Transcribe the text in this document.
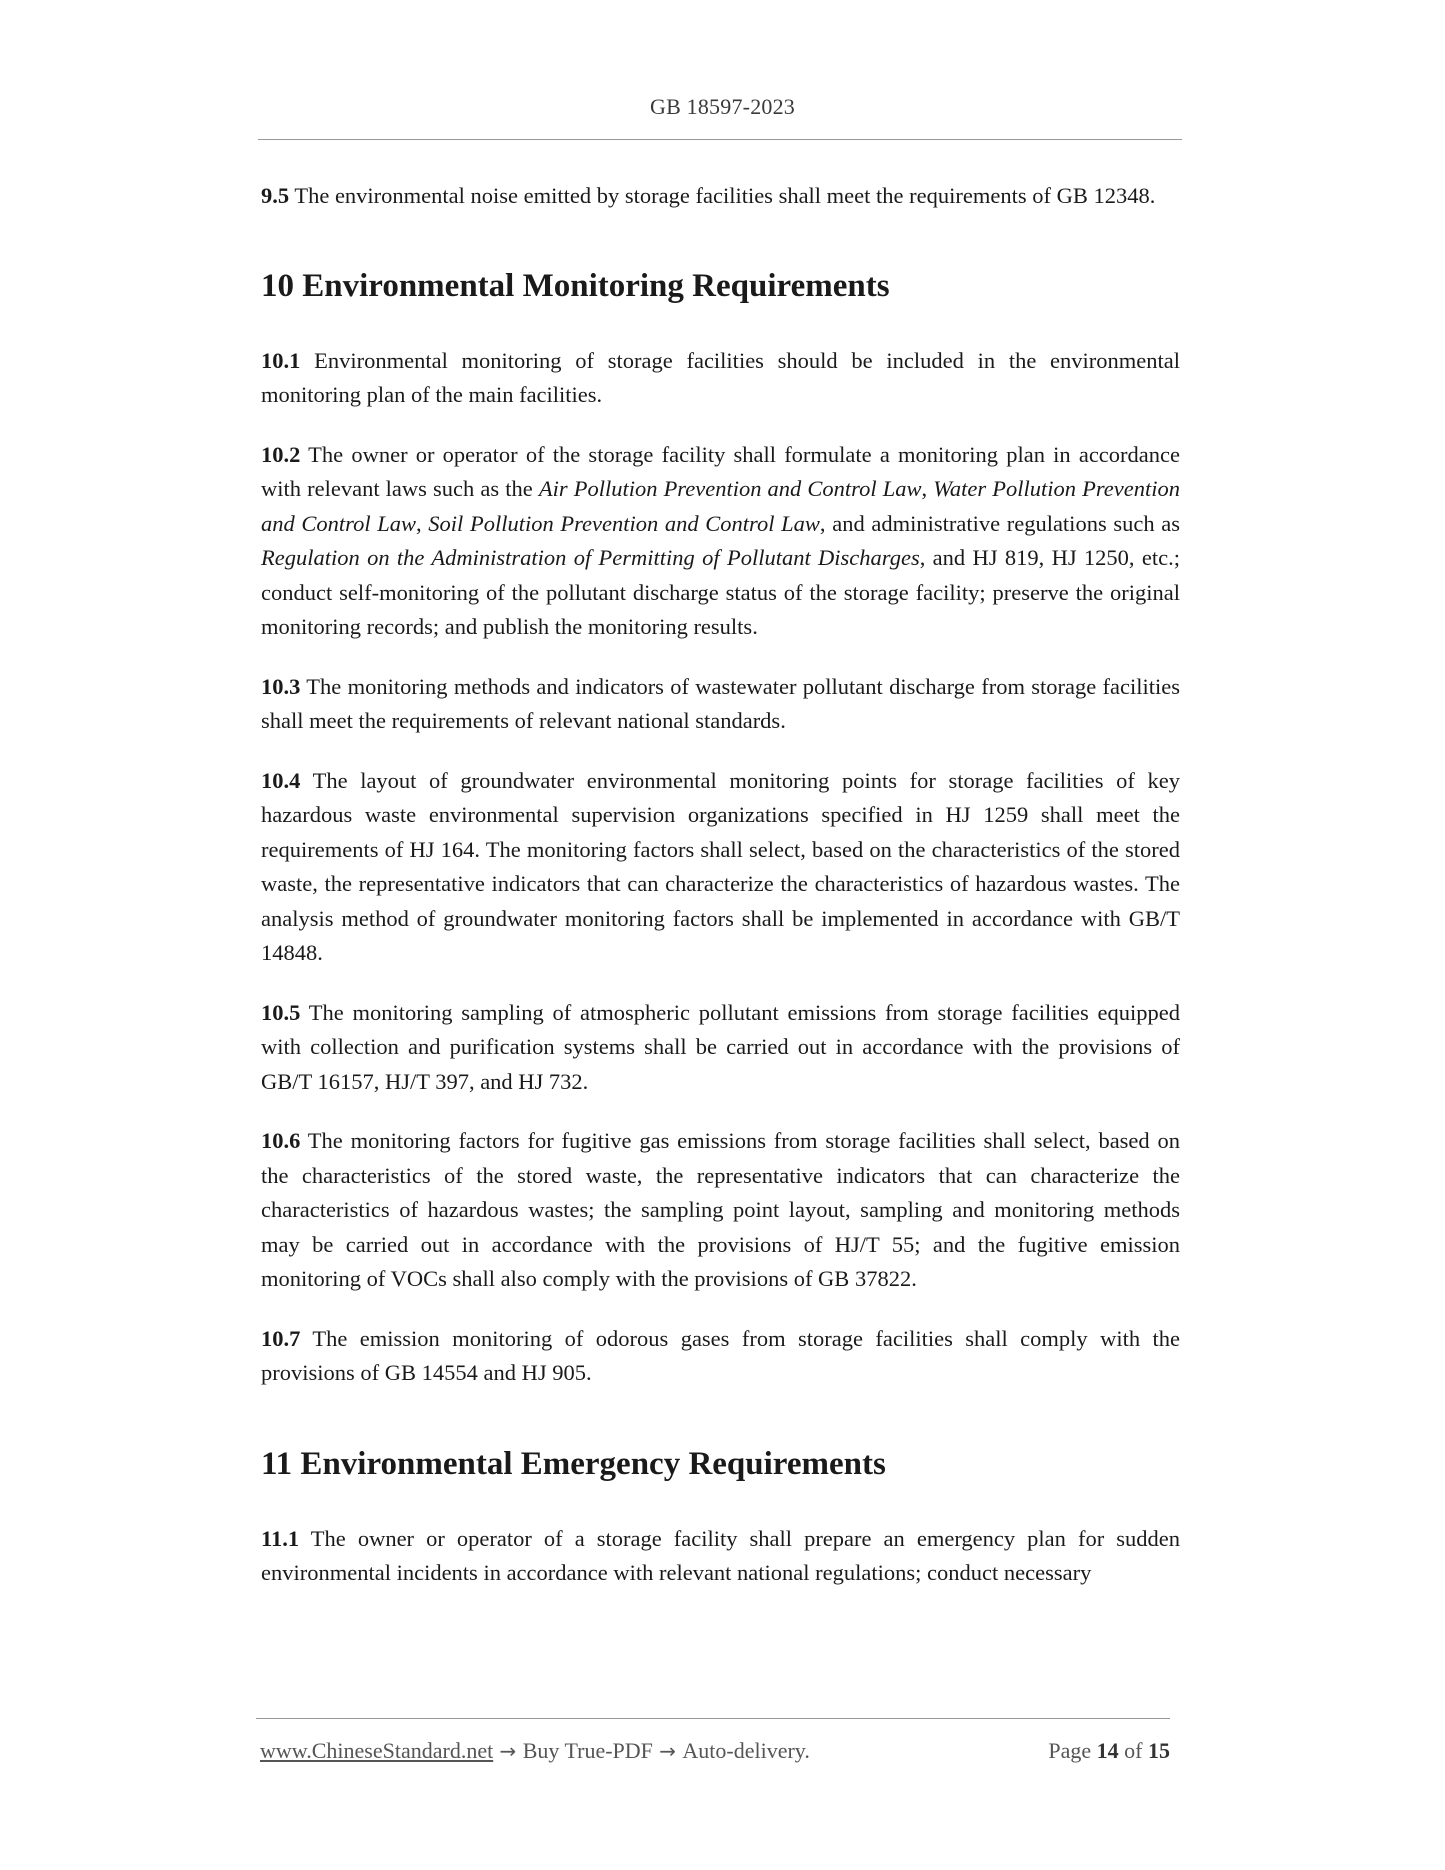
GB 18597-2023

9.5 The environmental noise emitted by storage facilities shall meet the requirements of GB 12348.

10 Environmental Monitoring Requirements

10.1 Environmental monitoring of storage facilities should be included in the environmental monitoring plan of the main facilities.

10.2 The owner or operator of the storage facility shall formulate a monitoring plan in accordance with relevant laws such as the Air Pollution Prevention and Control Law, Water Pollution Prevention and Control Law, Soil Pollution Prevention and Control Law, and administrative regulations such as Regulation on the Administration of Permitting of Pollutant Discharges, and HJ 819, HJ 1250, etc.; conduct self-monitoring of the pollutant discharge status of the storage facility; preserve the original monitoring records; and publish the monitoring results.

10.3 The monitoring methods and indicators of wastewater pollutant discharge from storage facilities shall meet the requirements of relevant national standards.

10.4 The layout of groundwater environmental monitoring points for storage facilities of key hazardous waste environmental supervision organizations specified in HJ 1259 shall meet the requirements of HJ 164. The monitoring factors shall select, based on the characteristics of the stored waste, the representative indicators that can characterize the characteristics of hazardous wastes. The analysis method of groundwater monitoring factors shall be implemented in accordance with GB/T 14848.

10.5 The monitoring sampling of atmospheric pollutant emissions from storage facilities equipped with collection and purification systems shall be carried out in accordance with the provisions of GB/T 16157, HJ/T 397, and HJ 732.

10.6 The monitoring factors for fugitive gas emissions from storage facilities shall select, based on the characteristics of the stored waste, the representative indicators that can characterize the characteristics of hazardous wastes; the sampling point layout, sampling and monitoring methods may be carried out in accordance with the provisions of HJ/T 55; and the fugitive emission monitoring of VOCs shall also comply with the provisions of GB 37822.

10.7 The emission monitoring of odorous gases from storage facilities shall comply with the provisions of GB 14554 and HJ 905.

11 Environmental Emergency Requirements

11.1 The owner or operator of a storage facility shall prepare an emergency plan for sudden environmental incidents in accordance with relevant national regulations; conduct necessary

www.ChineseStandard.net → Buy True-PDF → Auto-delivery.	Page 14 of 15
